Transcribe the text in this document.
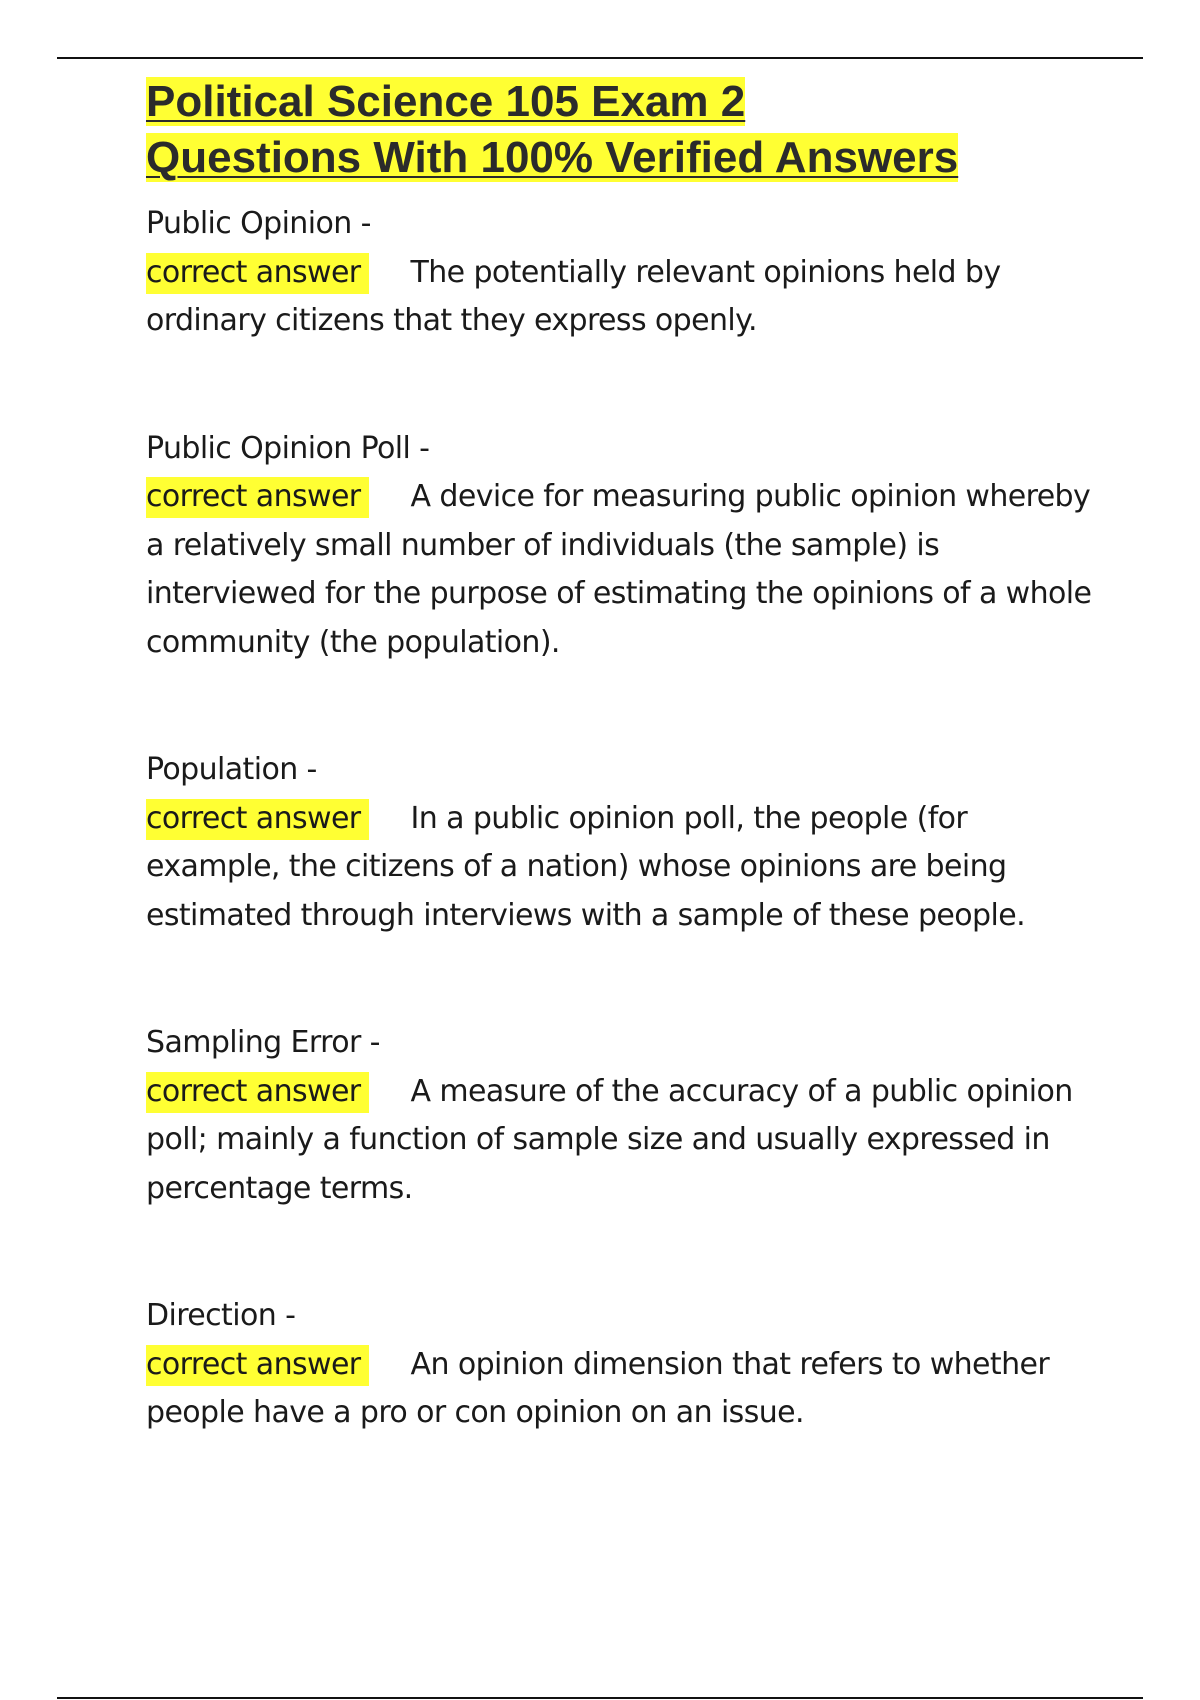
Political Science 105 Exam 2
Questions With 100% Verified Answers
Public Opinion -
correct answer The potentially relevant opinions held by ordinary citizens that they express openly.
Public Opinion Poll -
correct answer A device for measuring public opinion whereby a relatively small number of individuals (the sample) is interviewed for the purpose of estimating the opinions of a whole community (the population).
Population -
correct answer In a public opinion poll, the people (for example, the citizens of a nation) whose opinions are being estimated through interviews with a sample of these people.
Sampling Error -
correct answer A measure of the accuracy of a public opinion poll; mainly a function of sample size and usually expressed in percentage terms.
Direction -
correct answer An opinion dimension that refers to whether people have a pro or con opinion on an issue.
